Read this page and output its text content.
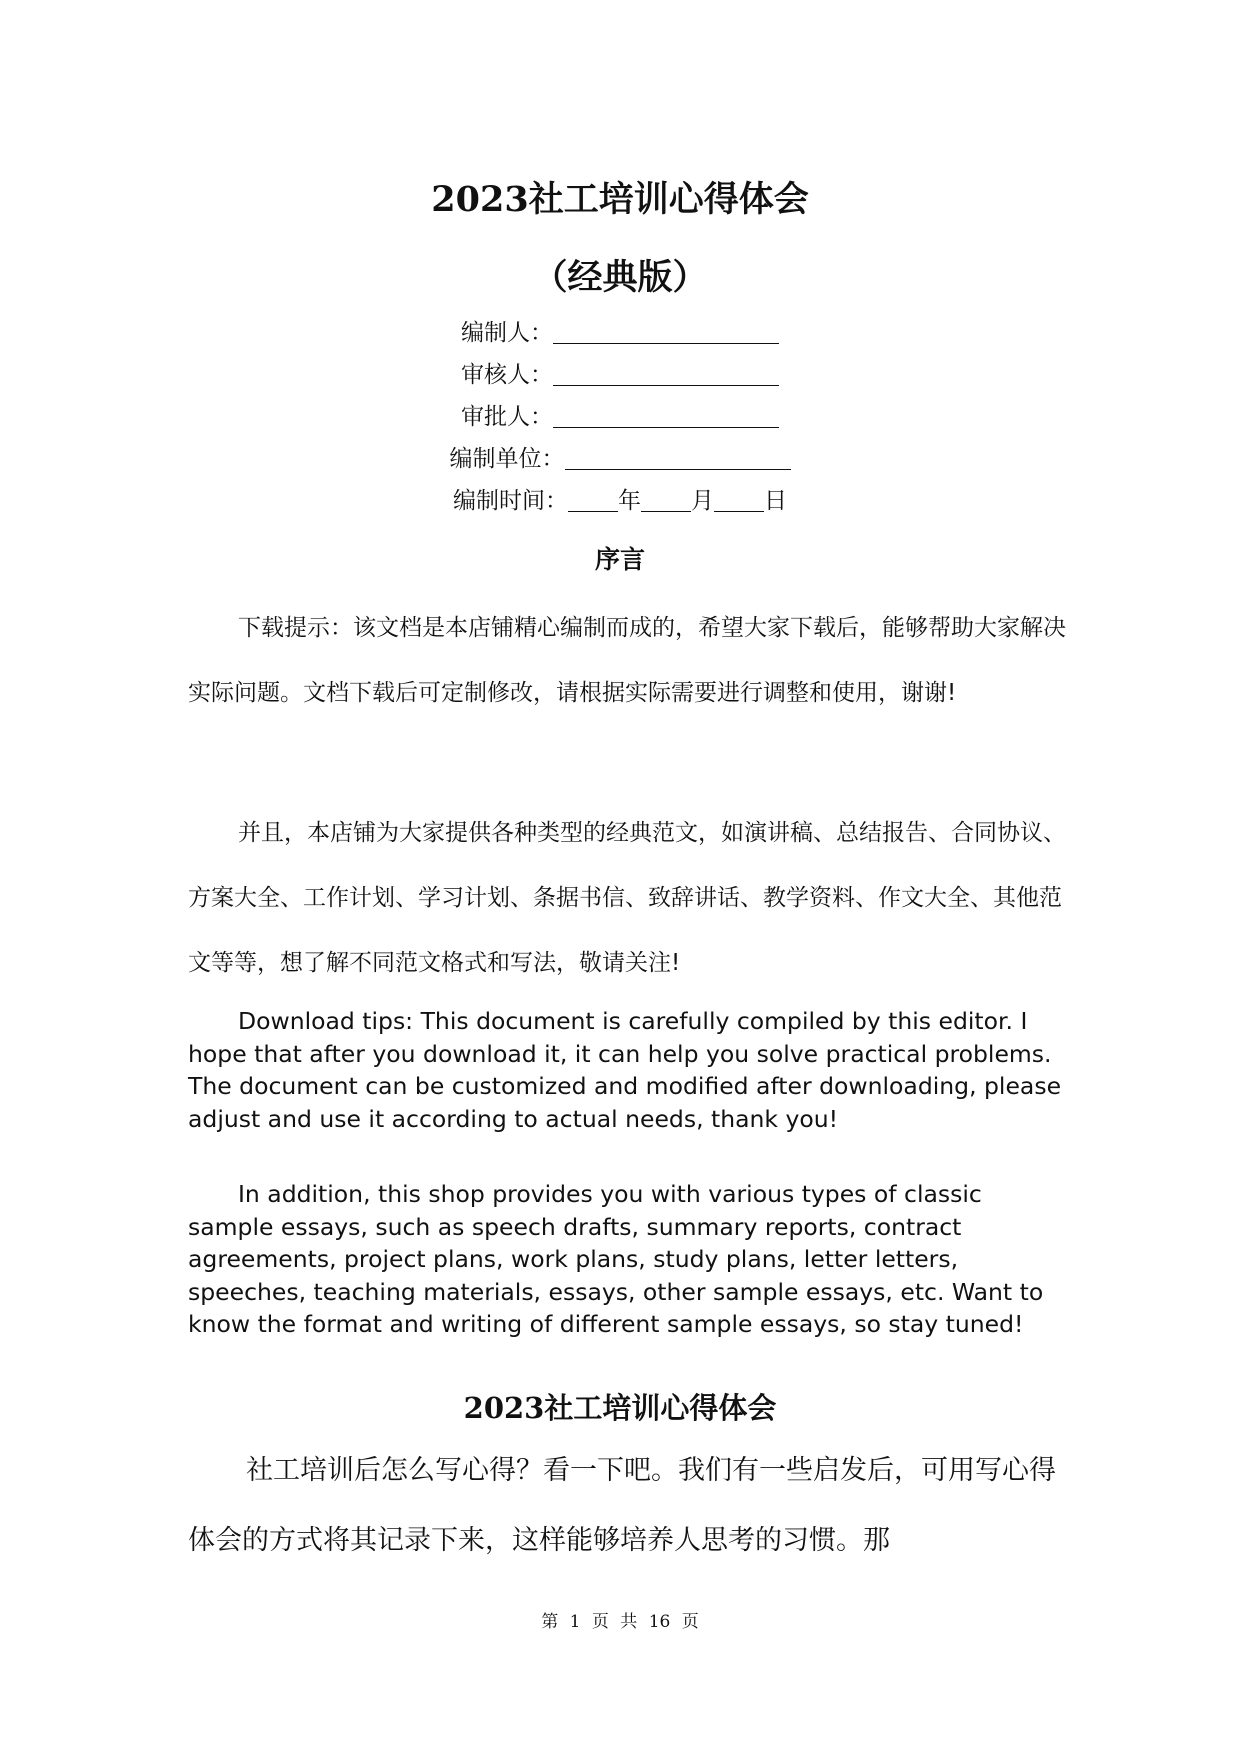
2023社工培训心得体会
（经典版）
编制人：
审核人：
审批人：
编制单位：
编制时间： 年 月 日
序言

下载提示：该文档是本店铺精心编制而成的，希望大家下载后，能够帮助大家解决实际问题。文档下载后可定制修改，请根据实际需要进行调整和使用，谢谢!

并且，本店铺为大家提供各种类型的经典范文，如演讲稿、总结报告、合同协议、方案大全、工作计划、学习计划、条据书信、致辞讲话、教学资料、作文大全、其他范文等等，想了解不同范文格式和写法，敬请关注!

Download tips: This document is carefully compiled by this editor. I hope that after you download it, it can help you solve practical problems. The document can be customized and modified after downloading, please adjust and use it according to actual needs, thank you!

In addition, this shop provides you with various types of classic sample essays, such as speech drafts, summary reports, contract agreements, project plans, work plans, study plans, letter letters, speeches, teaching materials, essays, other sample essays, etc. Want to know the format and writing of different sample essays, so stay tuned!

2023社工培训心得体会

社工培训后怎么写心得？看一下吧。我们有一些启发后，可用写心得体会的方式将其记录下来，这样能够培养人思考的习惯。那

第 1 页 共 16 页
